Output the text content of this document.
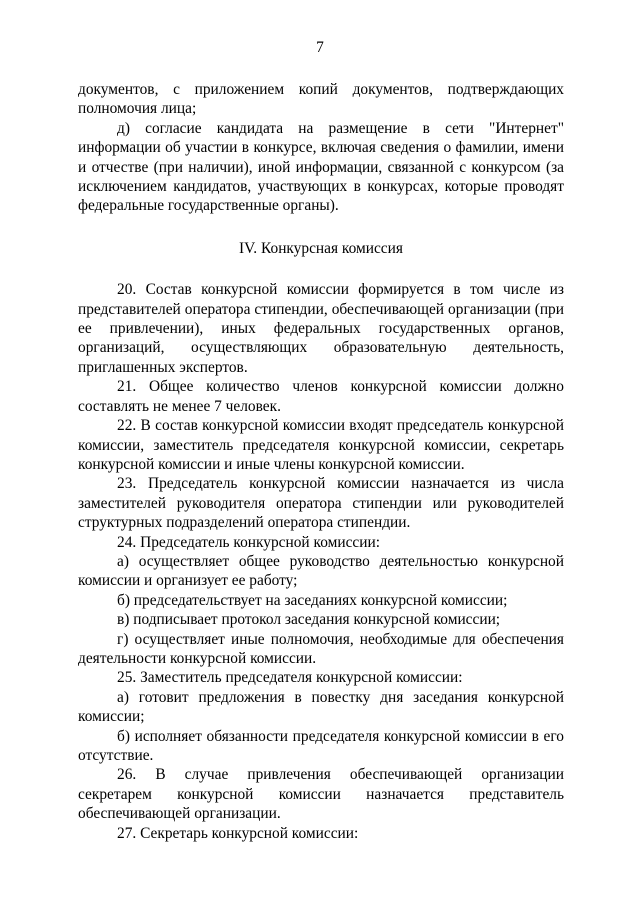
7

документов, с приложением копий документов, подтверждающих полномочия лица;

д) согласие кандидата на размещение в сети "Интернет" информации об участии в конкурсе, включая сведения о фамилии, имени и отчестве (при наличии), иной информации, связанной с конкурсом (за исключением кандидатов, участвующих в конкурсах, которые проводят федеральные государственные органы).

IV. Конкурсная комиссия

20. Состав конкурсной комиссии формируется в том числе из представителей оператора стипендии, обеспечивающей организации (при ее привлечении), иных федеральных государственных органов, организаций, осуществляющих образовательную деятельность, приглашенных экспертов.

21. Общее количество членов конкурсной комиссии должно составлять не менее 7 человек.

22. В состав конкурсной комиссии входят председатель конкурсной комиссии, заместитель председателя конкурсной комиссии, секретарь конкурсной комиссии и иные члены конкурсной комиссии.

23. Председатель конкурсной комиссии назначается из числа заместителей руководителя оператора стипендии или руководителей структурных подразделений оператора стипендии.

24. Председатель конкурсной комиссии:

а) осуществляет общее руководство деятельностью конкурсной комиссии и организует ее работу;

б) председательствует на заседаниях конкурсной комиссии;

в) подписывает протокол заседания конкурсной комиссии;

г) осуществляет иные полномочия, необходимые для обеспечения деятельности конкурсной комиссии.

25. Заместитель председателя конкурсной комиссии:

а) готовит предложения в повестку дня заседания конкурсной комиссии;

б) исполняет обязанности председателя конкурсной комиссии в его отсутствие.

26. В случае привлечения обеспечивающей организации секретарем конкурсной комиссии назначается представитель обеспечивающей организации.

27. Секретарь конкурсной комиссии:
